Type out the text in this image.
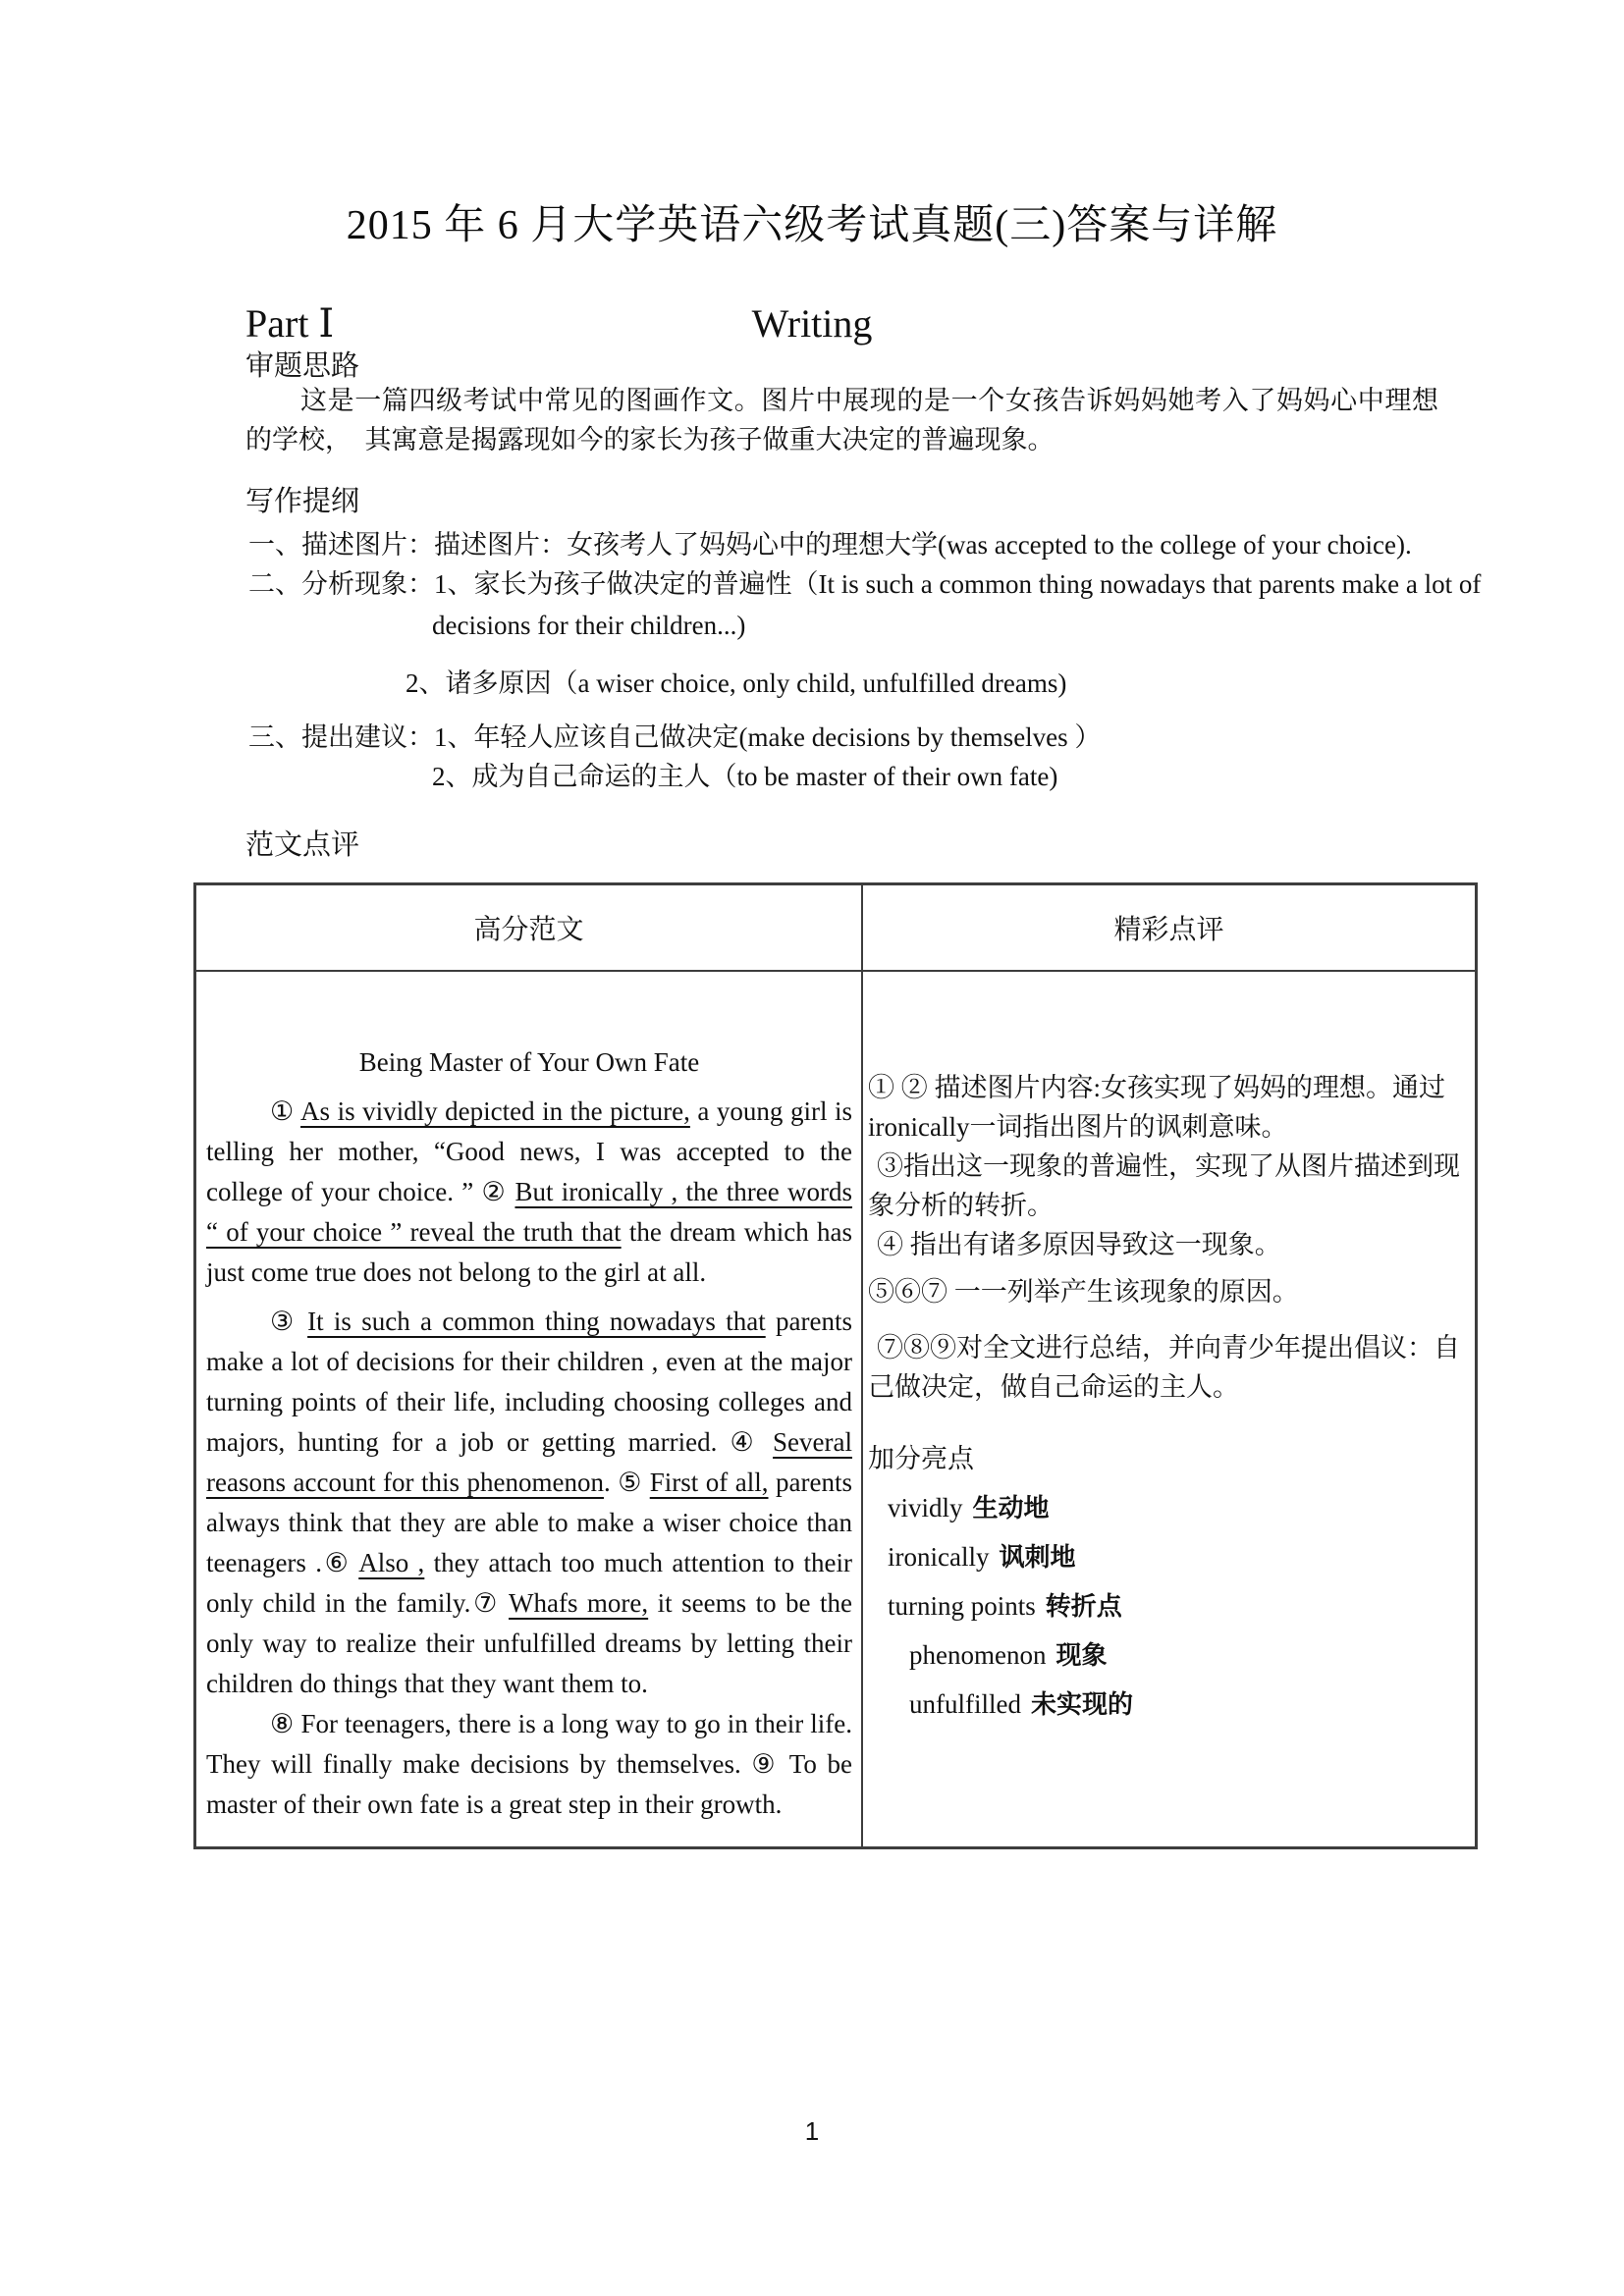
2015 年 6 月大学英语六级考试真题(三)答案与详解
Writing
Part Ⅰ
审题思路
这是一篇四级考试中常见的图画作文。图片中展现的是一个女孩告诉妈妈她考入了妈妈心中理想的学校，　其寓意是揭露现如今的家长为孩子做重大决定的普遍现象。
写作提纲
一、描述图片：描述图片：女孩考人了妈妈心中的理想大学(was accepted to the college of your choice).
二、分析现象：1、家长为孩子做决定的普遍性（It is such a common thing nowadays that parents make a lot of
decisions for their children...)
2、诸多原因（a wiser choice, only child, unfulfilled dreams)
三、提出建议：1、年轻人应该自己做决定(make decisions by themselves ）
2、成为自己命运的主人（to be master of their own fate)
范文点评
高分范文	精彩点评
Being Master of Your Own Fate

① As is vividly depicted in the picture, a young girl is telling her mother, “Good news, I was accepted to the college of your choice. ” ② But ironically , the three words “ of your choice ” reveal the truth that the dream which has just come true does not belong to the girl at all.

③ It is such a common thing nowadays that parents make a lot of decisions for their children , even at the major turning points of their life, including choosing colleges and majors, hunting for a job or getting married. ④ Several reasons account for this phenomenon. ⑤ First of all, parents always think that they are able to make a wiser choice than teenagers .⑥ Also , they attach too much attention to their only child in the family.⑦ Whafs more, it seems to be the only way to realize their unfulfilled dreams by letting their children do things that they want them to.

⑧ For teenagers, there is a long way to go in their life. They will finally make decisions by themselves. ⑨ To be master of their own fate is a great step in their growth.

① ② 描述图片内容:女孩实现了妈妈的理想。通过ironically一词指出图片的讽刺意味。

③指出这一现象的普遍性，实现了从图片描述到现象分析的转折。

④ 指出有诸多原因导致这一现象。

⑤⑥⑦ 一一列举产生该现象的原因。

⑦⑧⑨对全文进行总结，并向青少年提出倡议：自己做决定，做自己命运的主人。

加分亮点
vividly 生动地
ironically 讽刺地
turning points 转折点
phenomenon 现象
unfulfilled 未实现的
1
